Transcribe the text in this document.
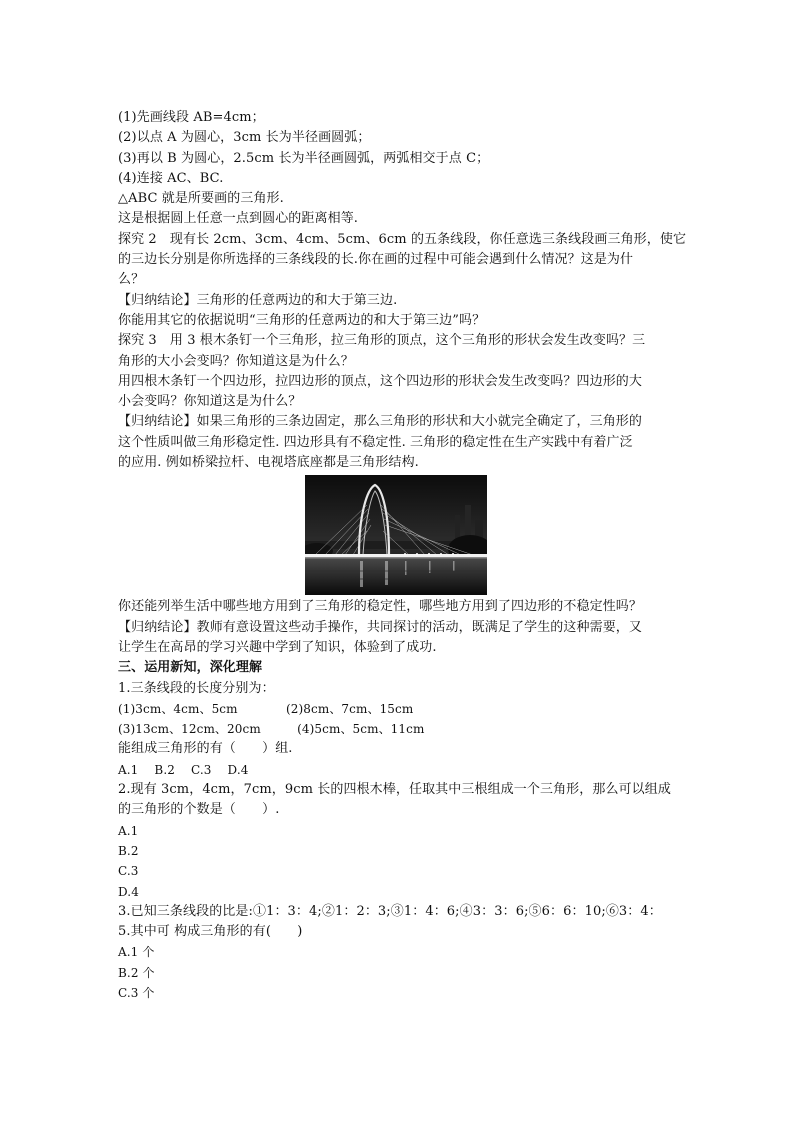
(1)先画线段 AB=4cm；
(2)以点 A 为圆心，3cm 长为半径画圆弧；
(3)再以 B 为圆心，2.5cm 长为半径画圆弧，两弧相交于点 C；
(4)连接 AC、BC.
△ABC 就是所要画的三角形.
这是根据圆上任意一点到圆心的距离相等.
探究 2　现有长 2cm、3cm、4cm、5cm、6cm 的五条线段，你任意选三条线段画三角形，使它
的三边长分别是你所选择的三条线段的长.你在画的过程中可能会遇到什么情况？这是为什
么？
【归纳结论】三角形的任意两边的和大于第三边.
你能用其它的依据说明“三角形的任意两边的和大于第三边”吗？
探究 3　用 3 根木条钉一个三角形，拉三角形的顶点，这个三角形的形状会发生改变吗？三
角形的大小会变吗？你知道这是为什么？
用四根木条钉一个四边形，拉四边形的顶点，这个四边形的形状会发生改变吗？四边形的大
小会变吗？你知道这是为什么？
【归纳结论】如果三角形的三条边固定，那么三角形的形状和大小就完全确定了，三角形的
这个性质叫做三角形稳定性. 四边形具有不稳定性. 三角形的稳定性在生产实践中有着广泛
的应用. 例如桥梁拉杆、电视塔底座都是三角形结构.
你还能列举生活中哪些地方用到了三角形的稳定性，哪些地方用到了四边形的不稳定性吗？
【归纳结论】教师有意设置这些动手操作，共同探讨的活动，既满足了学生的这种需要，又
让学生在高昂的学习兴趣中学到了知识，体验到了成功.
三、运用新知，深化理解
1.三条线段的长度分别为：
(1)3cm、4cm、5cm　　　　(2)8cm、7cm、15cm
(3)13cm、12cm、20cm　　　(4)5cm、5cm、11cm
能组成三角形的有（　　）组.
A.1　 B.2　 C.3　 D.4
2.现有 3cm，4cm，7cm，9cm 长的四根木棒，任取其中三根组成一个三角形，那么可以组成
的三角形的个数是（　　）.
A.1
B.2
C.3
D.4
3.已知三条线段的比是:①1：3：4;②1：2：3;③1：4：6;④3：3：6;⑤6：6：10;⑥3：4：
5.其中可 构成三角形的有(　　)
A.1 个
B.2 个
C.3 个
